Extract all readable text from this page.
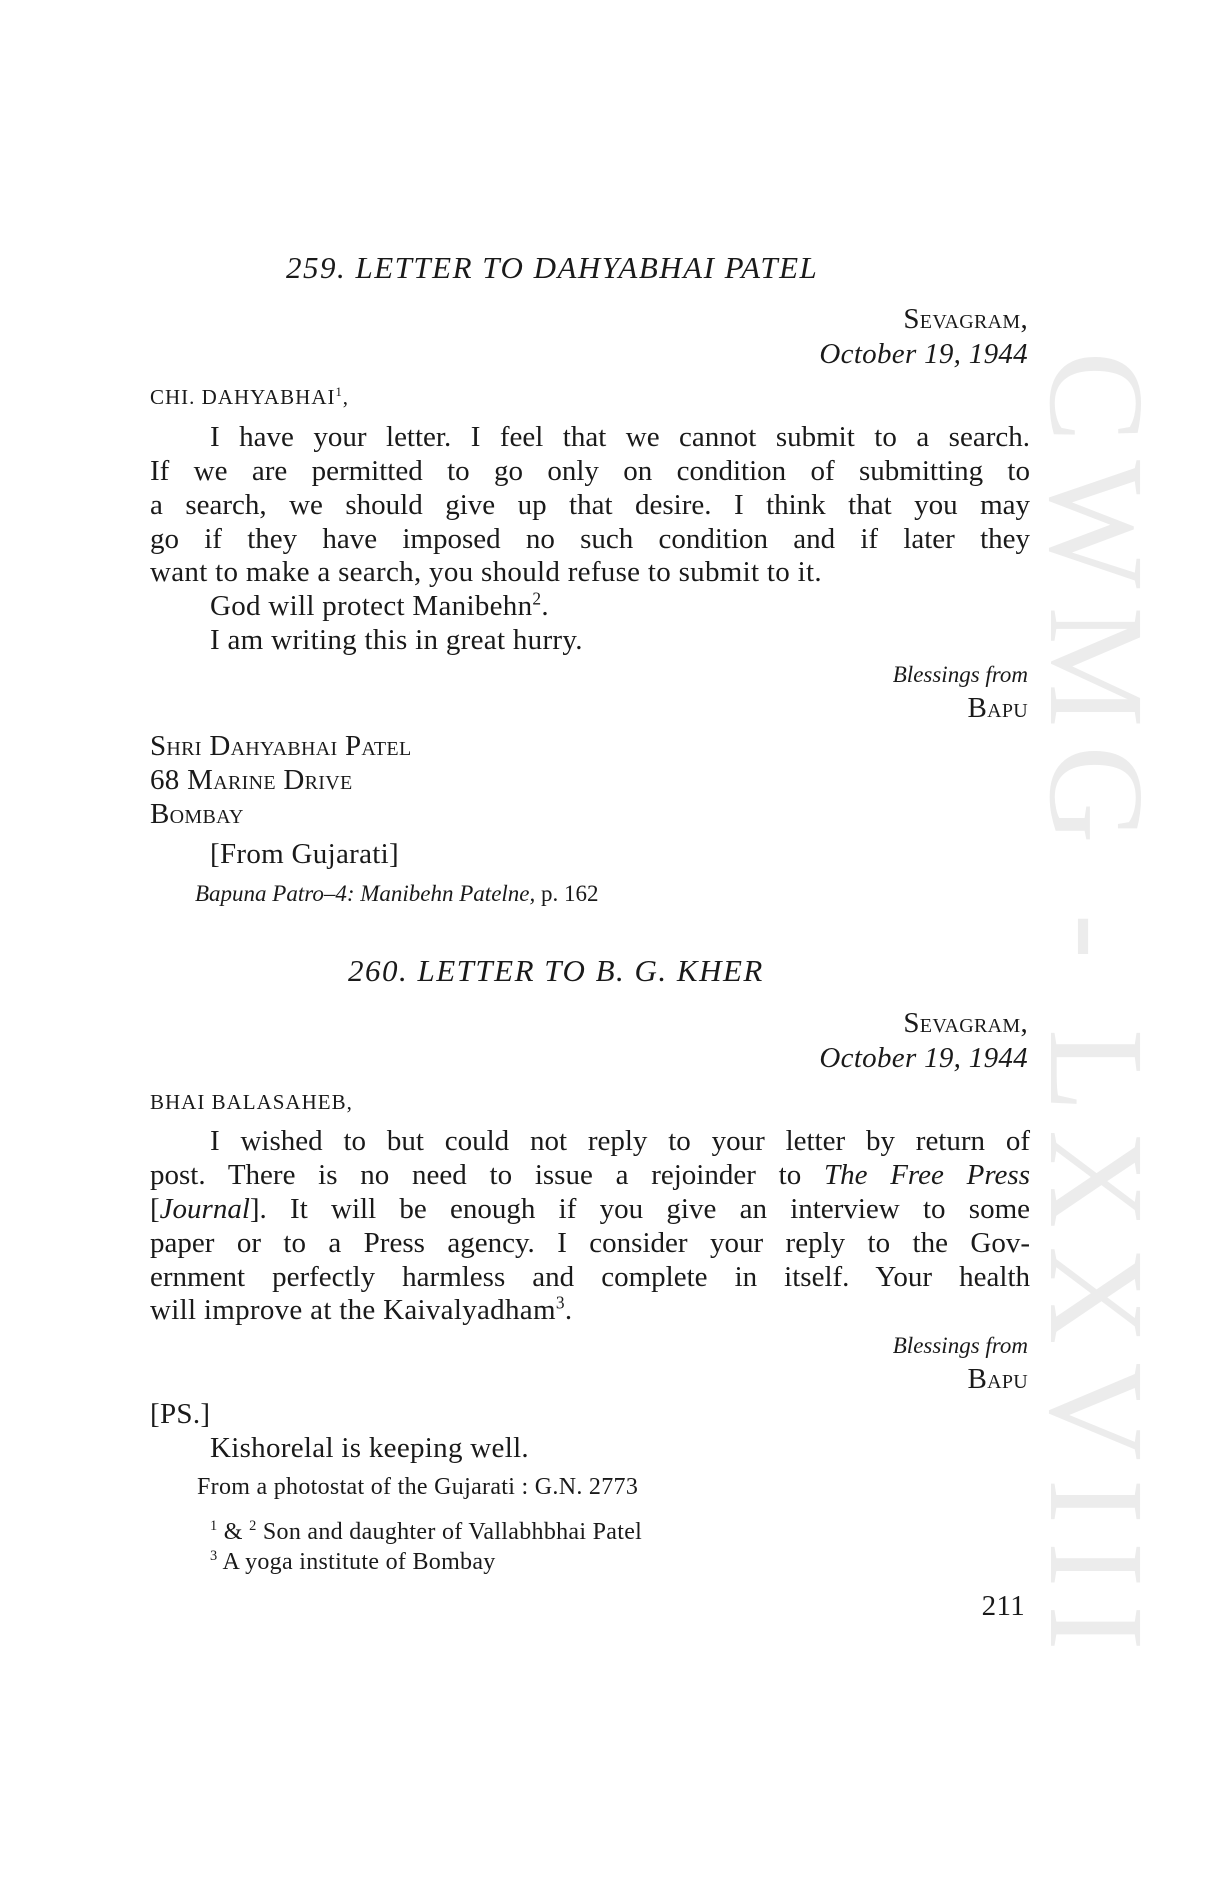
CWMG - LXXVIII
259. LETTER TO DAHYABHAI PATEL
Sevagram,
October 19, 1944
CHI. DAHYABHAI$^1$,
I have your letter. I feel that we cannot submit to a search.
If we are permitted to go only on condition of submitting to
a search, we should give up that desire. I think that you may
go if they have imposed no such condition and if later they
want to make a search, you should refuse to submit to it.
God will protect Manibehn$^2$.
I am writing this in great hurry.
Blessings from
Bapu
Shri Dahyabhai Patel
68 Marine Drive
Bombay
[From Gujarati]
Bapuna Patro–4: Manibehn Patelne, p. 162
260. LETTER TO B. G. KHER
Sevagram,
October 19, 1944
BHAI BALASAHEB,
I wished to but could not reply to your letter by return of
post. There is no need to issue a rejoinder to The Free Press
[Journal]. It will be enough if you give an interview to some
paper or to a Press agency. I consider your reply to the Gov-
ernment perfectly harmless and complete in itself. Your health
will improve at the Kaivalyadham$^3$.
Blessings from
Bapu
[PS.]
Kishorelal is keeping well.
From a photostat of the Gujarati : G.N. 2773
$^1$ & $^2$ Son and daughter of Vallabhbhai Patel
$^3$ A yoga institute of Bombay
211
